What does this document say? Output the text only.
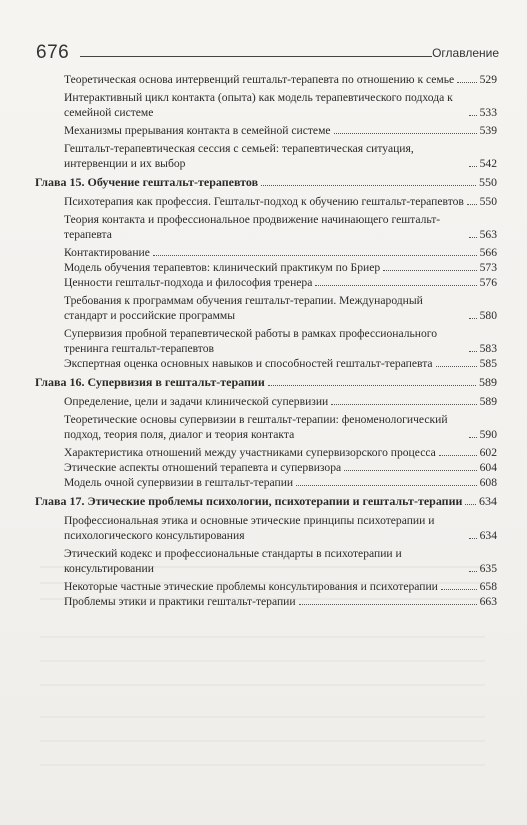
676	Оглавление
Теоретическая основа интервенций гештальт-терапевта по отношению к семье 529
Интерактивный цикл контакта (опыта) как модель терапевтического подхода к семейной системе	533
Механизмы прерывания контакта в семейной системе	539
Гештальт-терапевтическая сессия с семьей: терапевтическая ситуация, интервенции и их выбор	542
Глава 15. Обучение гештальт-терапевтов	550
Психотерапия как профессия. Гештальт-подход к обучению гештальт-терапевтов 550
Теория контакта и профессиональное продвижение начинающего гештальт-терапевта	563
Контактирование	566
Модель обучения терапевтов: клинический практикум по Бриер	573
Ценности гештальт-подхода и философия тренера	576
Требования к программам обучения гештальт-терапии. Международный стандарт и российские программы	580
Супервизия пробной терапевтической работы в рамках профессионального тренинга гештальт-терапевтов	583
Экспертная оценка основных навыков и способностей гештальт-терапевта	585
Глава 16. Супервизия в гештальт-терапии	589
Определение, цели и задачи клинической супервизии	589
Теоретические основы супервизии в гештальт-терапии: феноменологический подход, теория поля, диалог и теория контакта	590
Характеристика отношений между участниками супервизорского процесса	602
Этические аспекты отношений терапевта и супервизора	604
Модель очной супервизии в гештальт-терапии	608
Глава 17. Этические проблемы психологии, психотерапии и гештальт-терапии 634
Профессиональная этика и основные этические принципы психотерапии и психологического консультирования	634
Этический кодекс и профессиональные стандарты в психотерапии и консультировании	635
Некоторые частные этические проблемы консультирования и психотерапии	658
Проблемы этики и практики гештальт-терапии	663
